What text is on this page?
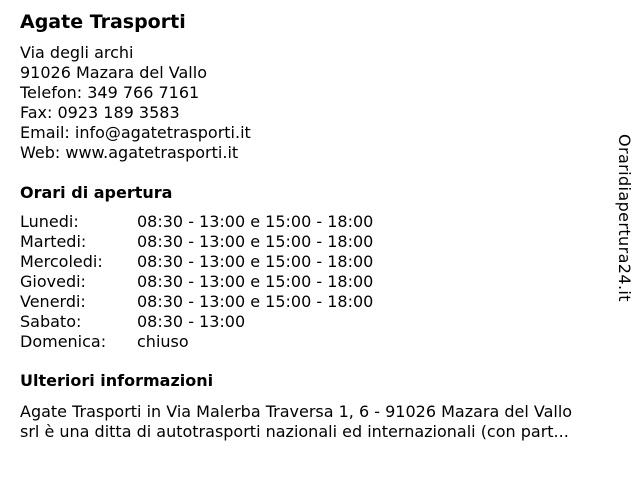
Agate Trasporti
Via degli archi
91026 Mazara del Vallo
Telefon: 349 766 7161
Fax: 0923 189 3583
Email: info@agatetrasporti.it
Web: www.agatetrasporti.it
Orari di apertura
Lunedi:	08:30 - 13:00 e 15:00 - 18:00
Martedi:	08:30 - 13:00 e 15:00 - 18:00
Mercoledi:	08:30 - 13:00 e 15:00 - 18:00
Giovedi:	08:30 - 13:00 e 15:00 - 18:00
Venerdi:	08:30 - 13:00 e 15:00 - 18:00
Sabato:	08:30 - 13:00
Domenica:	chiuso
Ulteriori informazioni
Agate Trasporti in Via Malerba Traversa 1, 6 - 91026 Mazara del Vallo
srl è una ditta di autotrasporti nazionali ed internazionali (con part...
Oraridiapertura24.it
